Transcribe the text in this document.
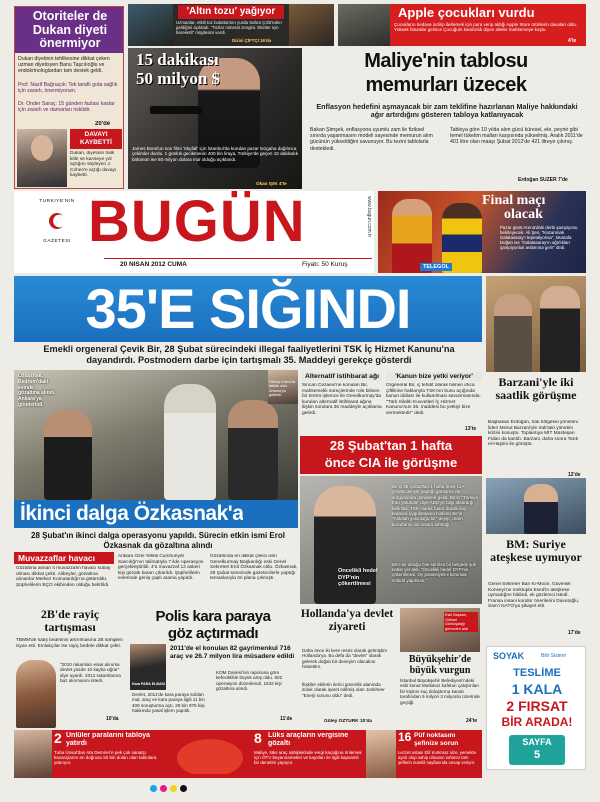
Otoriteler de Dukan diyeti önermiyor
Dukan diyetinin tehlikesine dikkat çeken uzman diyetisyen Banu Taşcılıoğlu ve endokrinologlardan tam destek geldi.
Prof. Nazif Bağrıaçık: Tek taraflı gıda sağlık için zararlı, önermiyorum.
Dr. Önder Saraç: 15 günden fazlası kaslar için zararlı ve damarları risklidir.
20'de
DAVAYI KAYBETTİ
Dukan, diyetinin halk kitle ve kanseye yol açtığını söyleyen J. Cohen'e açtığı davayı kaybetti.
'Altın tozu' yağıyor
Uzmanlar, etkili toz bulutlarının yurda Sahra Çölü'nden geldiğini açıkladı. "Tozlar mineral zengini. Ekinler için bereketli" müjdesini verdi.
Dizisi ÇİFTÇİ 16'da
Apple çocukları vurdu
Çocukların bedava indirip ilerlemek için para verip aldığı Apple Store ürünlerin davaları oldu. Yüksek faturalar gelince Çocuğum kandırıldı diyen aileler mahkemeye koştu.
4'te
15 dakikası
50 milyon $
James Bond'un son filmi 'Skyfall' için İstanbul'da kurulan pazar tezgaha dağılınca çekimler durdu. 1 günlük gecikmenin 400 bin liraya, Türkiye'de geçen 15 dakikalık bölümün ise 50 milyon dolara mal olduğu açıklandı.
Okan IŞIK 4'te
Maliye'nin tablosu
memurları üzecek
Enflasyon hedefini aşmayacak bir zam teklifine hazırlanan Maliye hakkındaki ağır artırdığını gösteren tabloya katlanıyacak
Bakan Şimşek, enflasyona uyumlu zam ile fiziksel sınırda yaşanmasını modeli sayesinde memurun alım gücünün yükseldiğini savunuyor. Bu tezini tablolarla destekledi.
Tabloya göre 10 yılda alım gücü küresel, ele, peynir gibi temel tüketim malları karşısında yükselmiş. Aralık 2011'de 401 litre olan maaşı Şubat 2012'de 421 litreye çıkmış.
Erdoğan SÜZER 7'de
TÜRKİYE'NİN
GAZETESİ BUGÜN
20 NİSAN 2012 CUMA	Fiyatı: 50 Kuruş
www.bugun.com.tr	Final maçı
olacak
Pazar günü Arena'daki derbi şampiyonu belirleyecek. Ali Şen, "Kazanmak Galatasaray'ı tepetalyonsa", Mustafa Doğan ise "Galatasaray'ın ağırlıkları şampiyonluk anlamına gelir" dedi.
TELEGOL
35'E SIĞINDI
Emekli orgeneral Çevik Bir, 28 Şubat sürecindeki illegal faaliyetlerini TSK İç Hizmet Kanunu'na dayandırdı. Postmodern darbe için tartışmalı 35. Maddeyi gerekçe gösterdi
Özkasnak, Bedrum'daki evinde gözaltına alındı. Ankara'ya gönderildi.
Güney Kıbrıs'ta tatilde olan Ankara'ya getirildi.
Alternatif istihbarat ağı
Sincan Cezaevi'ne konulan Bir, mahkemelik süreçlerinde rolü bilinen bir terörü işkence ile Genelkurmay'da kurulan alternatif istihbarat ağına ilişkin sorulara 35 maddeyle açıklama getirdi.
'Kanun bize yetki veriyor'
Orgeneral Bir, iç tehdit olarak bilinen irtica çiftlikine haklarıyla TSK'nın bunu açığında kanun iddiası ile kullanılması savunmasında. "Türk Silahlı Kuvvetleri İç Hizmet Kanunu'nun 35. maddesi bu yetkiyi bize vermektedir" dedi.
13'te
28 Şubat'tan 1 hafta
önce CIA ile görüşme
İkinci dalga Özkasnak'a
28 Şubat'ın ikinci dalga operasyonu yapıldı. Sürecin etkin ismi Erol Özkasnak da gözaltına alındı
Muvazzaflar havacı
Gözaltına alınan 4 muvazzafın havacı subay olması dikkat çekti. Alibeyler, gözaltına alınanlar Merkez Komutanlığı'na götürüldü. Şüphelilerin BÇG ekibinden olduğu belirtildi.
Ankara Özel Yetkili Cumhuriyet Savcılığı'nın talimatıyla 7 ilde operasyon gerçekleştirildi. 4'ü muvazzaf 12 askeri kişi gözaltı kararı çıkarıldı. Şüphelilerin evlerinde geniş çaplı arama yapıldı.
Gözaltında en dikkat çekici isim Genelkurmay Başkanlığı eski Genel Sekreteri Erol Özkasnak oldu. Özkasnak, 28 Şubat sürecinde gazetecilerle yaptığı temaslarıyla ön plana çıkmıştı.
Bir'in 28 Şubat'tan 1 hafta önce CIA yöneticileriyle yaptığı görüşme de sorgusunda gündeme geldi. Bir'in "Türkiye İran yolunda" diye ABD'ye bilgi aktardığı belirtildi. TSK olarak hattü düzde ilaç tedavisi uygulatılanın bildiren Bir'in "Aslolan yolculuğu bir" deyip, dram kararlarını da onlara atfettiği.
Öncelikli hedef DYP'nin çökertilmesi
Bir'e ait olduğu öne sürülen bir belgede şok notlar yer aldı. "Öncelikli hedef DYP'nin çökertilmesi. Oy potansiyelini korumak önlüdü yapılmalı."
Barzani'yle iki saatlik görüşme
Başbakan Erdoğan, Irak bölgesel yönetimi lideri Mesut Barzani'yle Irak'taki yönetim krizini konuştu. Toplantıya MİT Müsteşarı Fidan da katıldı. Barzani, daha sonra Tarık el-Haşimi ile görüştü.
12'de
BM: Suriye ateşkese uymuyor
Genel Sekreter Ban Ki-Moon, Güvenlik Konseyi'ne mektupla Esed'in ateşkese uymadığını bildirdi, ek gözlemci istedi. Fransa insani koridor önerilerini Davutoğlu, Sam'i NATO'ya şikayet etti.
17'de
2B'de rayiç tartışması
TBMM'de satış bedelinin artırılmasına 2B sahipleri isyan etti. Emlakçılar ise rayiç bedele dikkat çekti.
"2010 rakamları esas alınırsa devlet yüzde 10 kayba uğrar" diye uyardı. 2012 rakamlarına baz alınmasını istedi.
10'da
Polis kara paraya
göz açtırmadı
Kara PARA ELBASI
2011'de el konulan 82 gayrimenkul 716 araç ve 26.7 milyon lira müsadere edildi
Devlet, 2011'de kara paraya soldan mal, araç ve kara paraya ilgili 11 bin 408 soruşturma açtı. 29 bin 978 kişi hakkında yasal işlem yapıldı.
KOM Dairesi'nin raporuna göre kefeciklikle büyük artış oldu. 602 operasyon düzenlendi, 1532 kişi gözaltına alındı.
11'de
Hollanda'ya devlet ziyareti
Daha önce iki kere resmi olarak gelmiştim Hollanda'ya. Bu defa da "devlet" olarak gelerek doğalı bir deneyim olacakını hissettim.
İlişkiler ekilerin ilerici güvenlik alanında soluk olarak işaret edilmiş olan Jonkheer "Enerji sorunu oldu" dedi.
Güley ÖZTÜRK 10'da
Eski Başkan, Göksel Gümüşdağ'ı görevden aldı
Büyükşehir'de büyük vurgun
İstanbul Büyükşehir Belediyesi'ndeki eski konut Mutlukoz kafeları çalıştırılan bir kişinin suç dolaştırma kanalı tarafından 9 milyon 3 milyonlu üzerinde geçtiği.
24'te
SOYAK	Bilir Sistem
TESLİME
1 KALA
2 FIRSAT
BİR ARADA!
SAYFA
5
2 Ünlüler paralarını tabloya yatırdı
Tuba Ünsal'dan Ata Demirer'e pek çok sanatçı kazançlarını en doğrusu 50 bin doları olan tablolara yatırıyor.
8 Lüks araçların vergisine gözaltı
Maliye, lüks araç sahiplerinde vergi kaçağına önlemek için ÖTV beyannameleri ve kayıtları ile ilgili kapsamlı bir denetim yapıyor.
16 Püf noktasını şefinize sorun
Lezzet ustası Elif Korkmaz size, yemekte ayrık olup sahip olmanın sırlarını tüm şeflerin sürekli sayfasında cevap veriyor.
